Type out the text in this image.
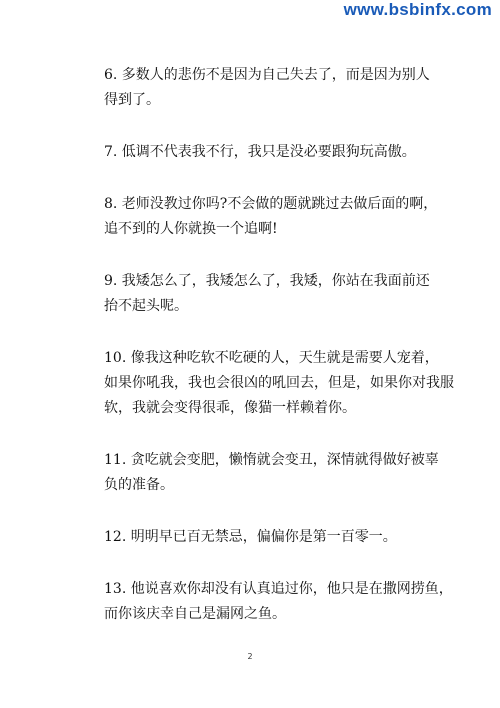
www.bsbinfx.com
6. 多数人的悲伤不是因为自己失去了，而是因为别人
得到了。
7. 低调不代表我不行，我只是没必要跟狗玩高傲。
8. 老师没教过你吗?不会做的题就跳过去做后面的啊，
追不到的人你就换一个追啊!
9. 我矮怎么了，我矮怎么了，我矮，你站在我面前还
抬不起头呢。
10. 像我这种吃软不吃硬的人，天生就是需要人宠着，
如果你吼我，我也会很凶的吼回去，但是，如果你对我服
软，我就会变得很乖，像猫一样赖着你。
11. 贪吃就会变肥，懒惰就会变丑，深情就得做好被辜
负的准备。
12. 明明早已百无禁忌，偏偏你是第一百零一。
13. 他说喜欢你却没有认真追过你，他只是在撒网捞鱼，
而你该庆幸自己是漏网之鱼。
2
